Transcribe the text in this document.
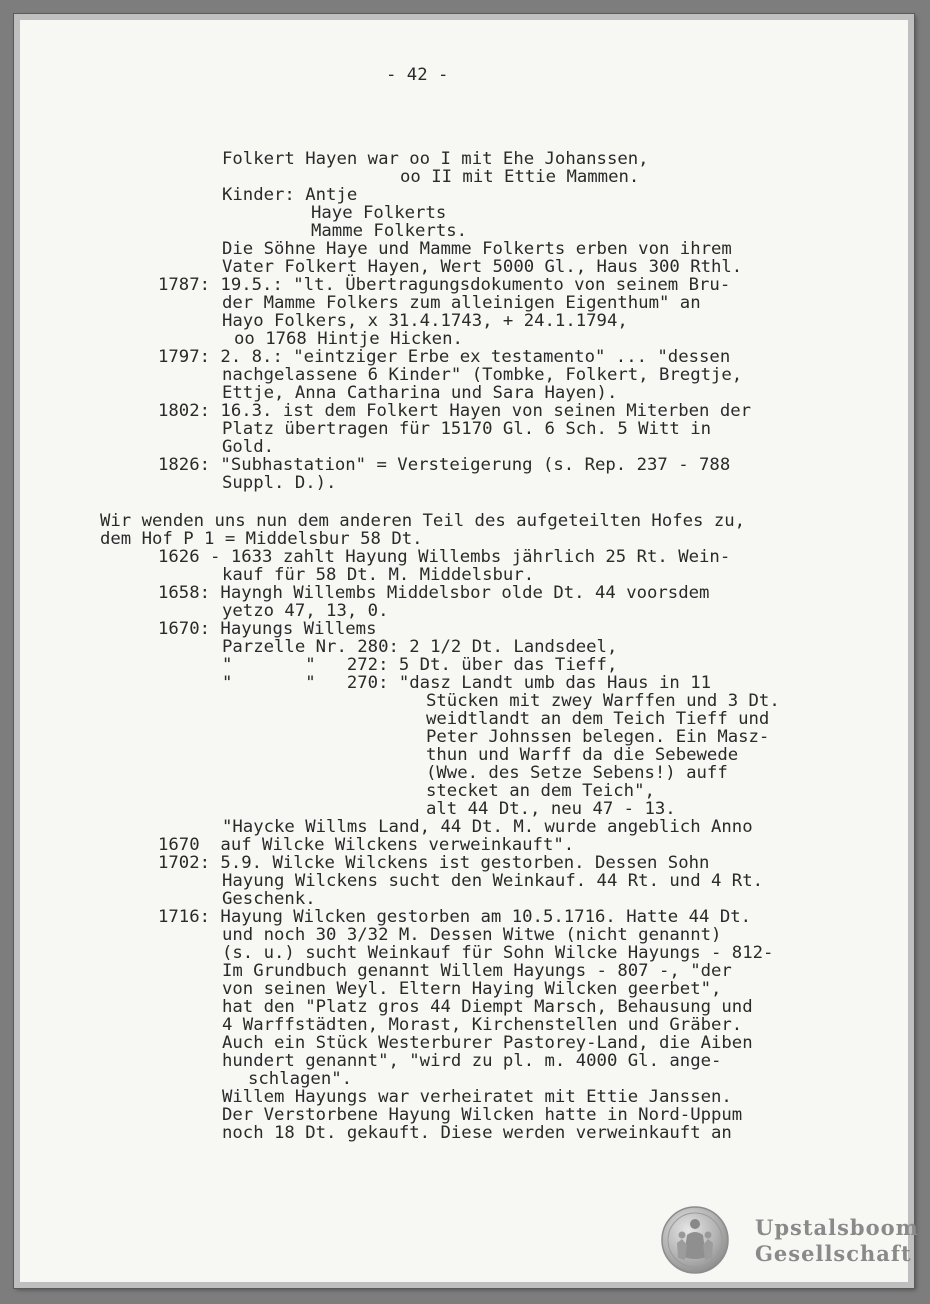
- 42 -
Folkert Hayen war oo I mit Ehe Johanssen,
oo II mit Ettie Mammen.
Kinder: Antje
Haye Folkerts
Mamme Folkerts.
Die Söhne Haye und Mamme Folkerts erben von ihrem
Vater Folkert Hayen, Wert 5000 Gl., Haus 300 Rthl.
1787: 19.5.: "lt. Übertragungsdokumento von seinem Bru-
der Mamme Folkers zum alleinigen Eigenthum" an
Hayo Folkers, x 31.4.1743, + 24.1.1794,
oo 1768 Hintje Hicken.
1797: 2. 8.: "eintziger Erbe ex testamento" ... "dessen
nachgelassene 6 Kinder" (Tombke, Folkert, Bregtje,
Ettje, Anna Catharina und Sara Hayen).
1802: 16.3. ist dem Folkert Hayen von seinen Miterben der
Platz übertragen für 15170 Gl. 6 Sch. 5 Witt in
Gold.
1826: "Subhastation" = Versteigerung (s. Rep. 237 - 788
Suppl. D.).
Wir wenden uns nun dem anderen Teil des aufgeteilten Hofes zu,
dem Hof P 1 = Middelsbur 58 Dt.
1626 - 1633 zahlt Hayung Willembs jährlich 25 Rt. Wein-
kauf für 58 Dt. M. Middelsbur.
1658: Hayngh Willembs Middelsbor olde Dt. 44 voorsdem
yetzo 47, 13, 0.
1670: Hayungs Willems
Parzelle Nr. 280: 2 1/2 Dt. Landsdeel,
"       "   272: 5 Dt. über das Tieff,
"       "   270: "dasz Landt umb das Haus in 11
Stücken mit zwey Warffen und 3 Dt.
weidtlandt an dem Teich Tieff und
Peter Johnssen belegen. Ein Masz-
thun und Warff da die Sebewede
(Wwe. des Setze Sebens!) auff
stecket an dem Teich",
alt 44 Dt., neu 47 - 13.
"Haycke Willms Land, 44 Dt. M. wurde angeblich Anno
1670  auf Wilcke Wilckens verweinkauft".
1702: 5.9. Wilcke Wilckens ist gestorben. Dessen Sohn
Hayung Wilckens sucht den Weinkauf. 44 Rt. und 4 Rt.
Geschenk.
1716: Hayung Wilcken gestorben am 10.5.1716. Hatte 44 Dt.
und noch 30 3/32 M. Dessen Witwe (nicht genannt)
(s. u.) sucht Weinkauf für Sohn Wilcke Hayungs - 812-
Im Grundbuch genannt Willem Hayungs - 807 -, "der
von seinen Weyl. Eltern Haying Wilcken geerbet",
hat den "Platz gros 44 Diempt Marsch, Behausung und
4 Warffstädten, Morast, Kirchenstellen und Gräber.
Auch ein Stück Westerburer Pastorey-Land, die Aiben
hundert genannt", "wird zu pl. m. 4000 Gl. ange-
schlagen".
Willem Hayungs war verheiratet mit Ettie Janssen.
Der Verstorbene Hayung Wilcken hatte in Nord-Uppum
noch 18 Dt. gekauft. Diese werden verweinkauft an
Upstalsboom
Gesellschaft
